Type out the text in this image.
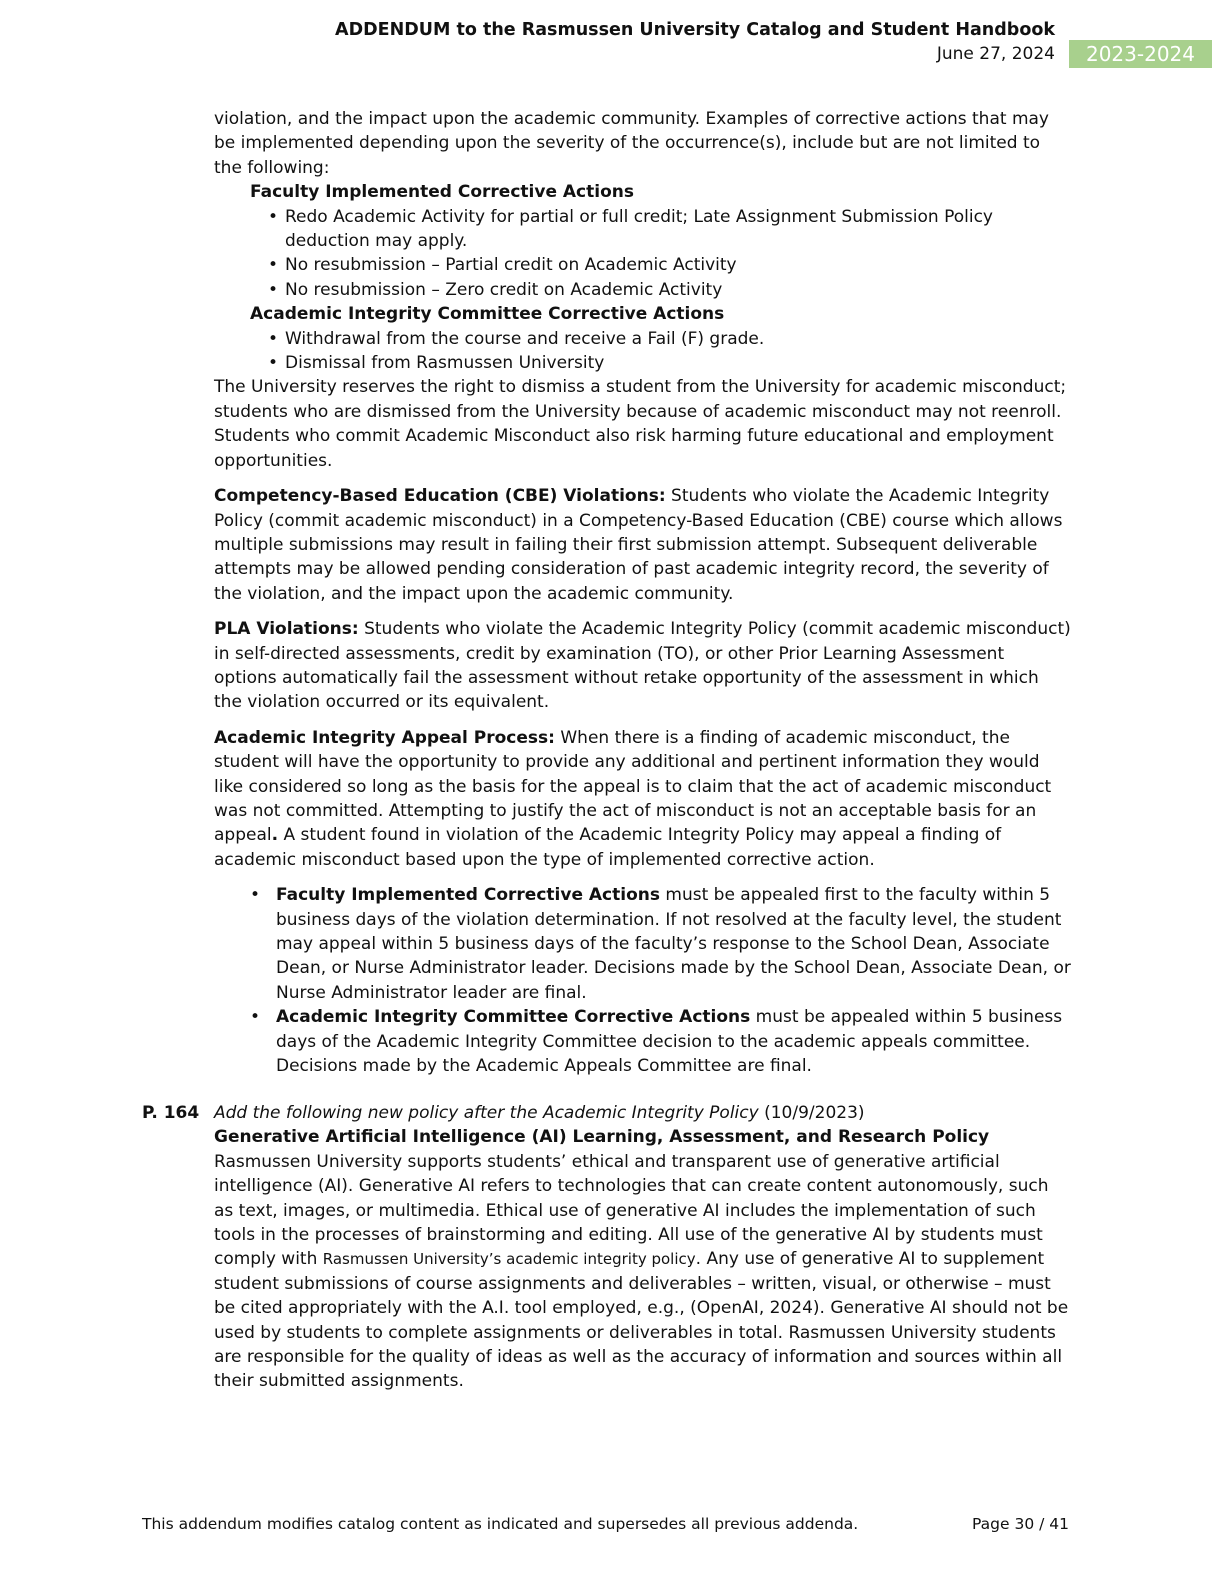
ADDENDUM to the Rasmussen University Catalog and Student Handbook
June 27, 2024	2023-2024

violation, and the impact upon the academic community. Examples of corrective actions that may be implemented depending upon the severity of the occurrence(s), include but are not limited to the following:

Faculty Implemented Corrective Actions
• Redo Academic Activity for partial or full credit; Late Assignment Submission Policy deduction may apply.
• No resubmission – Partial credit on Academic Activity
• No resubmission – Zero credit on Academic Activity
Academic Integrity Committee Corrective Actions
• Withdrawal from the course and receive a Fail (F) grade.
• Dismissal from Rasmussen University

The University reserves the right to dismiss a student from the University for academic misconduct; students who are dismissed from the University because of academic misconduct may not reenroll. Students who commit Academic Misconduct also risk harming future educational and employment opportunities.

Competency-Based Education (CBE) Violations: Students who violate the Academic Integrity Policy (commit academic misconduct) in a Competency-Based Education (CBE) course which allows multiple submissions may result in failing their first submission attempt. Subsequent deliverable attempts may be allowed pending consideration of past academic integrity record, the severity of the violation, and the impact upon the academic community.

PLA Violations: Students who violate the Academic Integrity Policy (commit academic misconduct) in self-directed assessments, credit by examination (TO), or other Prior Learning Assessment options automatically fail the assessment without retake opportunity of the assessment in which the violation occurred or its equivalent.

Academic Integrity Appeal Process: When there is a finding of academic misconduct, the student will have the opportunity to provide any additional and pertinent information they would like considered so long as the basis for the appeal is to claim that the act of academic misconduct was not committed. Attempting to justify the act of misconduct is not an acceptable basis for an appeal. A student found in violation of the Academic Integrity Policy may appeal a finding of academic misconduct based upon the type of implemented corrective action.

• Faculty Implemented Corrective Actions must be appealed first to the faculty within 5 business days of the violation determination. If not resolved at the faculty level, the student may appeal within 5 business days of the faculty’s response to the School Dean, Associate Dean, or Nurse Administrator leader. Decisions made by the School Dean, Associate Dean, or Nurse Administrator leader are final.
• Academic Integrity Committee Corrective Actions must be appealed within 5 business days of the Academic Integrity Committee decision to the academic appeals committee. Decisions made by the Academic Appeals Committee are final.
P. 164 Add the following new policy after the Academic Integrity Policy (10/9/2023)

Generative Artificial Intelligence (AI) Learning, Assessment, and Research Policy

Rasmussen University supports students’ ethical and transparent use of generative artificial intelligence (AI). Generative AI refers to technologies that can create content autonomously, such as text, images, or multimedia. Ethical use of generative AI includes the implementation of such tools in the processes of brainstorming and editing. All use of the generative AI by students must comply with Rasmussen University’s academic integrity policy. Any use of generative AI to supplement student submissions of course assignments and deliverables – written, visual, or otherwise – must be cited appropriately with the A.I. tool employed, e.g., (OpenAI, 2024). Generative AI should not be used by students to complete assignments or deliverables in total. Rasmussen University students are responsible for the quality of ideas as well as the accuracy of information and sources within all their submitted assignments.

This addendum modifies catalog content as indicated and supersedes all previous addenda.	Page 30 / 41
